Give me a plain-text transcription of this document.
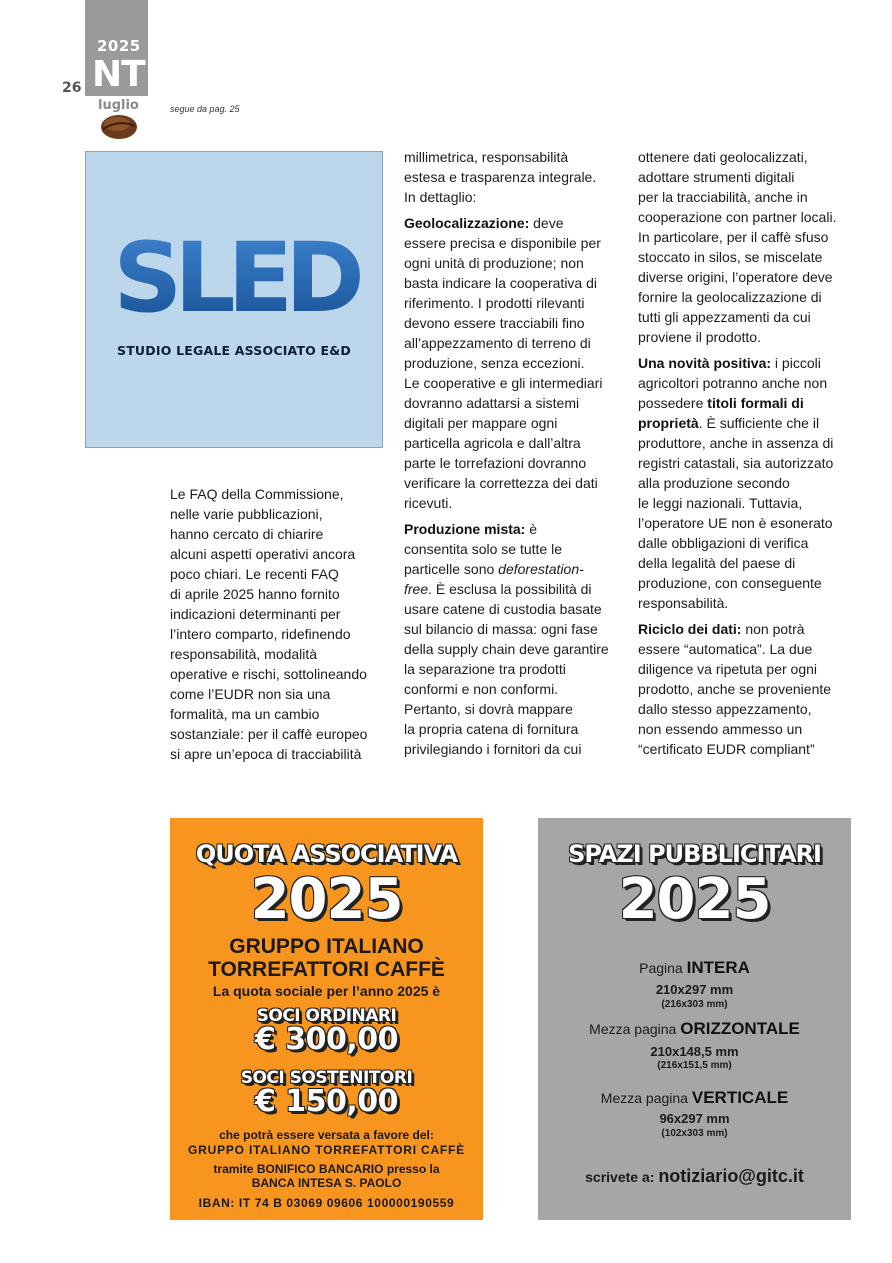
26
2025
NT
luglio	segue da pag. 25
SLED
STUDIO LEGALE ASSOCIATO E&D
Le FAQ della Commissione,
nelle varie pubblicazioni,
hanno cercato di chiarire
alcuni aspetti operativi ancora
poco chiari. Le recenti FAQ
di aprile 2025 hanno fornito
indicazioni determinanti per
l’intero comparto, ridefinendo
responsabilità, modalità
operative e rischi, sottolineando
come l’EUDR non sia una
formalità, ma un cambio
sostanziale: per il caffè europeo
si apre un’epoca di tracciabilità
millimetrica, responsabilità
estesa e trasparenza integrale.
In dettaglio:
Geolocalizzazione: deve
essere precisa e disponibile per
ogni unità di produzione; non
basta indicare la cooperativa di
riferimento. I prodotti rilevanti
devono essere tracciabili fino
all’appezzamento di terreno di
produzione, senza eccezioni.
Le cooperative e gli intermediari
dovranno adattarsi a sistemi
digitali per mappare ogni
particella agricola e dall’altra
parte le torrefazioni dovranno
verificare la correttezza dei dati
ricevuti.
Produzione mista: è
consentita solo se tutte le
particelle sono deforestation-
free. È esclusa la possibilità di
usare catene di custodia basate
sul bilancio di massa: ogni fase
della supply chain deve garantire
la separazione tra prodotti
conformi e non conformi.
Pertanto, si dovrà mappare
la propria catena di fornitura
privilegiando i fornitori da cui
ottenere dati geolocalizzati,
adottare strumenti digitali
per la tracciabilità, anche in
cooperazione con partner locali.
In particolare, per il caffè sfuso
stoccato in silos, se miscelate
diverse origini, l’operatore deve
fornire la geolocalizzazione di
tutti gli appezzamenti da cui
proviene il prodotto.
Una novità positiva: i piccoli
agricoltori potranno anche non
possedere titoli formali di
proprietà. È sufficiente che il
produttore, anche in assenza di
registri catastali, sia autorizzato
alla produzione secondo
le leggi nazionali. Tuttavia,
l’operatore UE non è esonerato
dalle obbligazioni di verifica
della legalità del paese di
produzione, con conseguente
responsabilità.
Riciclo dei dati: non potrà
essere “automatica”. La due
diligence va ripetuta per ogni
prodotto, anche se proveniente
dallo stesso appezzamento,
non essendo ammesso un
“certificato EUDR compliant”
QUOTA ASSOCIATIVA
2025
GRUPPO ITALIANO
TORREFATTORI CAFFÈ
La quota sociale per l’anno 2025 è
SOCI ORDINARI
€ 300,00
SOCI SOSTENITORI
€ 150,00
che potrà essere versata a favore del:
GRUPPO ITALIANO TORREFATTORI CAFFÈ
tramite BONIFICO BANCARIO presso la
BANCA INTESA S. PAOLO
IBAN: IT 74 B 03069 09606 100000190559
SPAZI PUBBLICITARI
2025
Pagina INTERA
210x297 mm
(216x303 mm)
Mezza pagina ORIZZONTALE
210x148,5 mm
(216x151,5 mm)
Mezza pagina VERTICALE
96x297 mm
(102x303 mm)
scrivete a: notiziario@gitc.it
